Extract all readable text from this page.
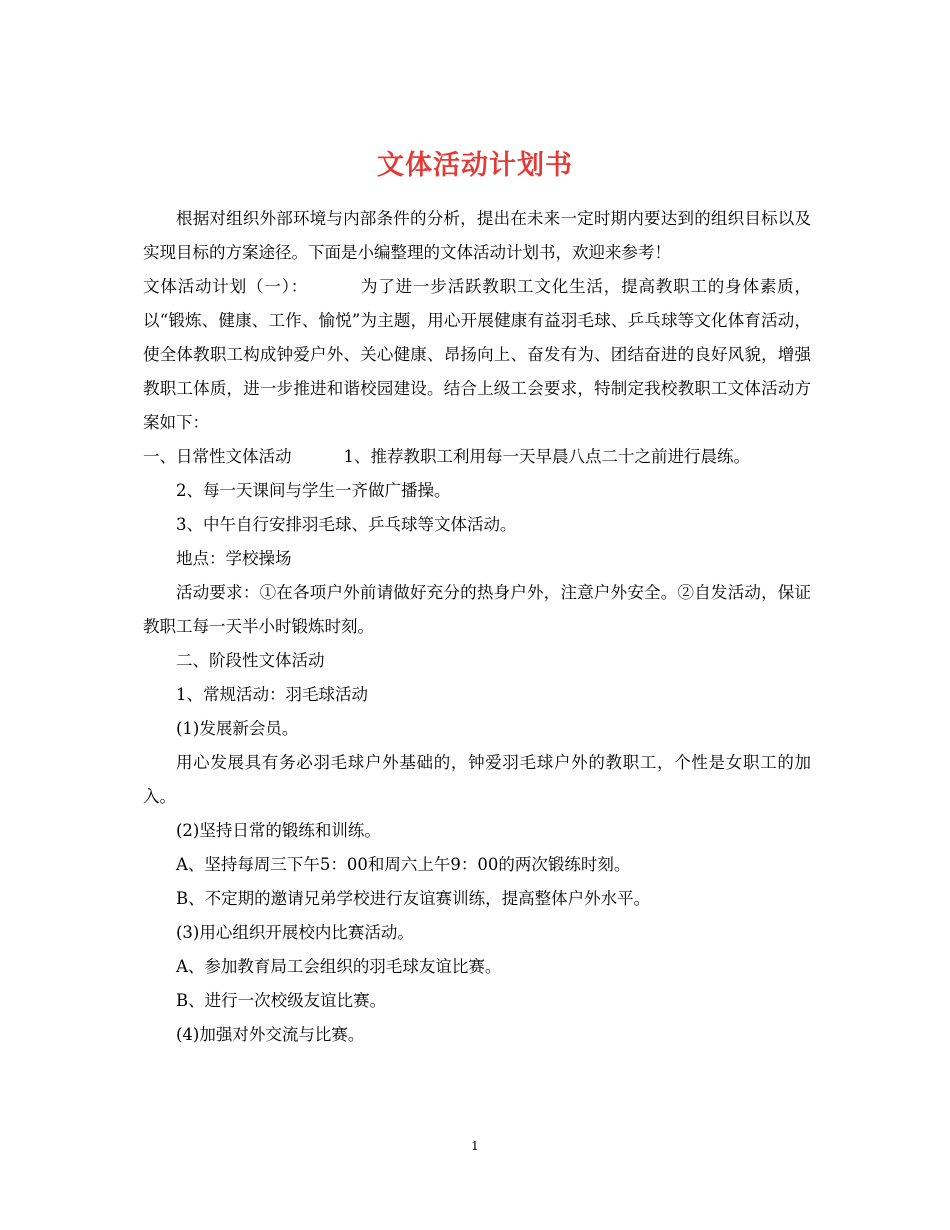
文体活动计划书

根据对组织外部环境与内部条件的分析，提出在未来一定时期内要达到的组织目标以及实现目标的方案途径。下面是小编整理的文体活动计划书，欢迎来参考！

文体活动计划（一）：	为了进一步活跃教职工文化生活，提高教职工的身体素质，以“锻炼、健康、工作、愉悦”为主题，用心开展健康有益羽毛球、乒乓球等文化体育活动，使全体教职工构成钟爱户外、关心健康、昂扬向上、奋发有为、团结奋进的良好风貌，增强教职工体质，进一步推进和谐校园建设。结合上级工会要求，特制定我校教职工文体活动方案如下：

一、日常性文体活动	1、推荐教职工利用每一天早晨八点二十之前进行晨练。

2、每一天课间与学生一齐做广播操。

3、中午自行安排羽毛球、乒乓球等文体活动。

地点：学校操场

活动要求：①在各项户外前请做好充分的热身户外，注意户外安全。②自发活动，保证教职工每一天半小时锻炼时刻。

二、阶段性文体活动

1、常规活动：羽毛球活动

(1)发展新会员。

用心发展具有务必羽毛球户外基础的，钟爱羽毛球户外的教职工，个性是女职工的加入。

(2)坚持日常的锻练和训练。

A、坚持每周三下午5：00和周六上午9：00的两次锻练时刻。

B、不定期的邀请兄弟学校进行友谊赛训练，提高整体户外水平。

(3)用心组织开展校内比赛活动。

A、参加教育局工会组织的羽毛球友谊比赛。

B、进行一次校级友谊比赛。

(4)加强对外交流与比赛。

1
